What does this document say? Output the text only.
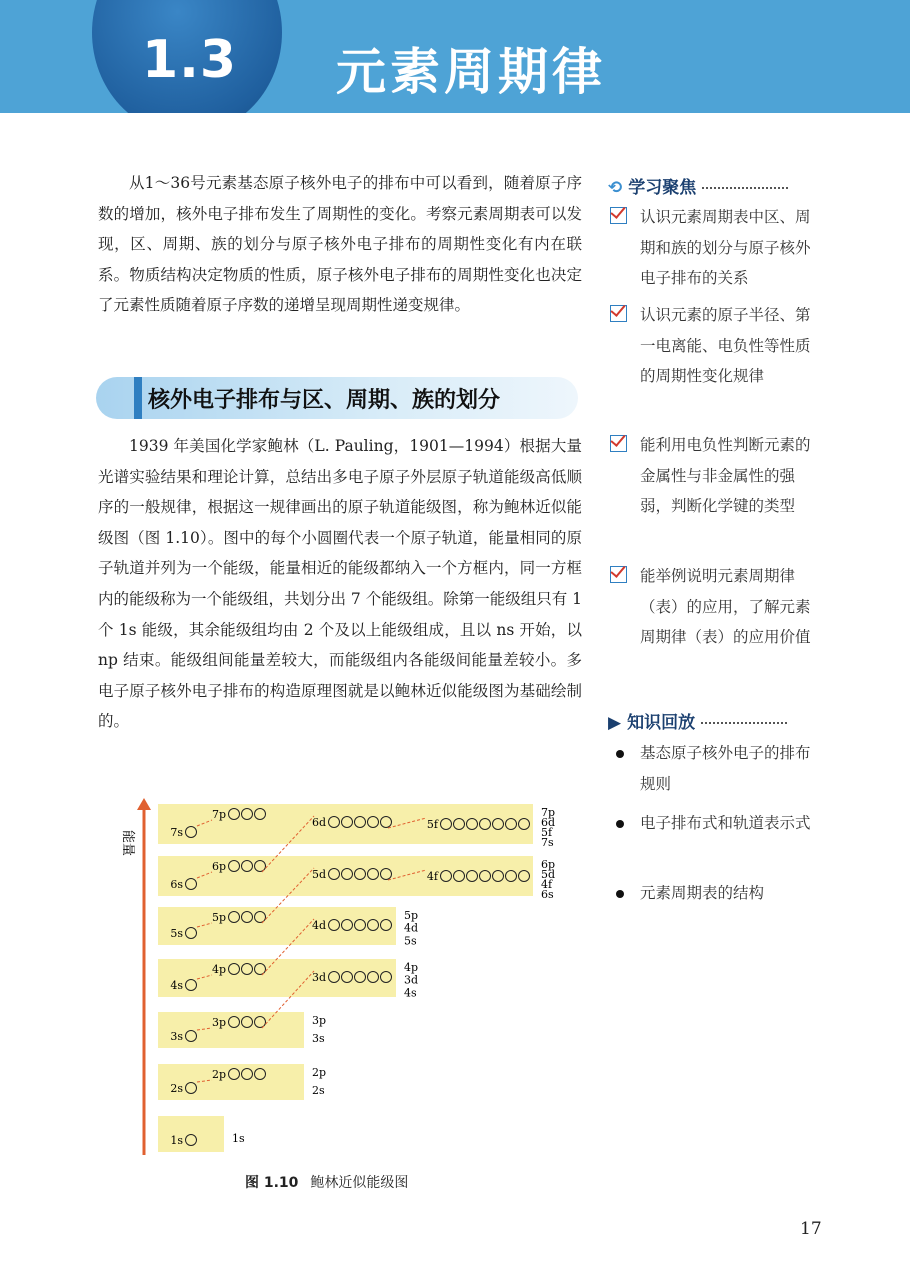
1.3 元素周期律
从1～36号元素基态原子核外电子的排布中可以看到，随着原子序数的增加，核外电子排布发生了周期性的变化。考察元素周期表可以发现，区、周期、族的划分与原子核外电子排布的周期性变化有内在联系。物质结构决定物质的性质，原子核外电子排布的周期性变化也决定了元素性质随着原子序数的递增呈现周期性递变规律。
核外电子排布与区、周期、族的划分
1939 年美国化学家鲍林（L. Pauling，1901—1994）根据大量光谱实验结果和理论计算，总结出多电子原子外层原子轨道能级高低顺序的一般规律，根据这一规律画出的原子轨道能级图，称为鲍林近似能级图（图 1.10）。图中的每个小圆圈代表一个原子轨道，能量相同的原子轨道并列为一个能级，能量相近的能级都纳入一个方框内，同一方框内的能级称为一个能级组，共划分出 7 个能级组。除第一能级组只有 1 个 1s 能级，其余能级组均由 2 个及以上能级组成，且以 ns 开始，以 np 结束。能级组间能量差较大，而能级组内各能级间能量差较小。多电子原子核外电子排布的构造原理图就是以鲍林近似能级图为基础绘制的。
⟲ 学习聚焦
认识元素周期表中区、周期和族的划分与原子核外电子排布的关系
认识元素的原子半径、第一电离能、电负性等性质的周期性变化规律
能利用电负性判断元素的金属性与非金属性的强弱，判断化学键的类型
能举例说明元素周期律（表）的应用，了解元素周期律（表）的应用价值
▶ 知识回放
基态原子核外电子的排布规则
电子排布式和轨道表示式
元素周期表的结构
能量
1s	1s
2s
2p	2p
2s
3s
3p	3p
3s
4s
4p
3d
4p
3d
4s
5s
5p
4d
5p
4d
5s
6s
6p
5d	4f
6p
5d
4f
6s
7s
7p
6d	5f
7p
6d
5f
7s
图 1.10 鲍林近似能级图
17
